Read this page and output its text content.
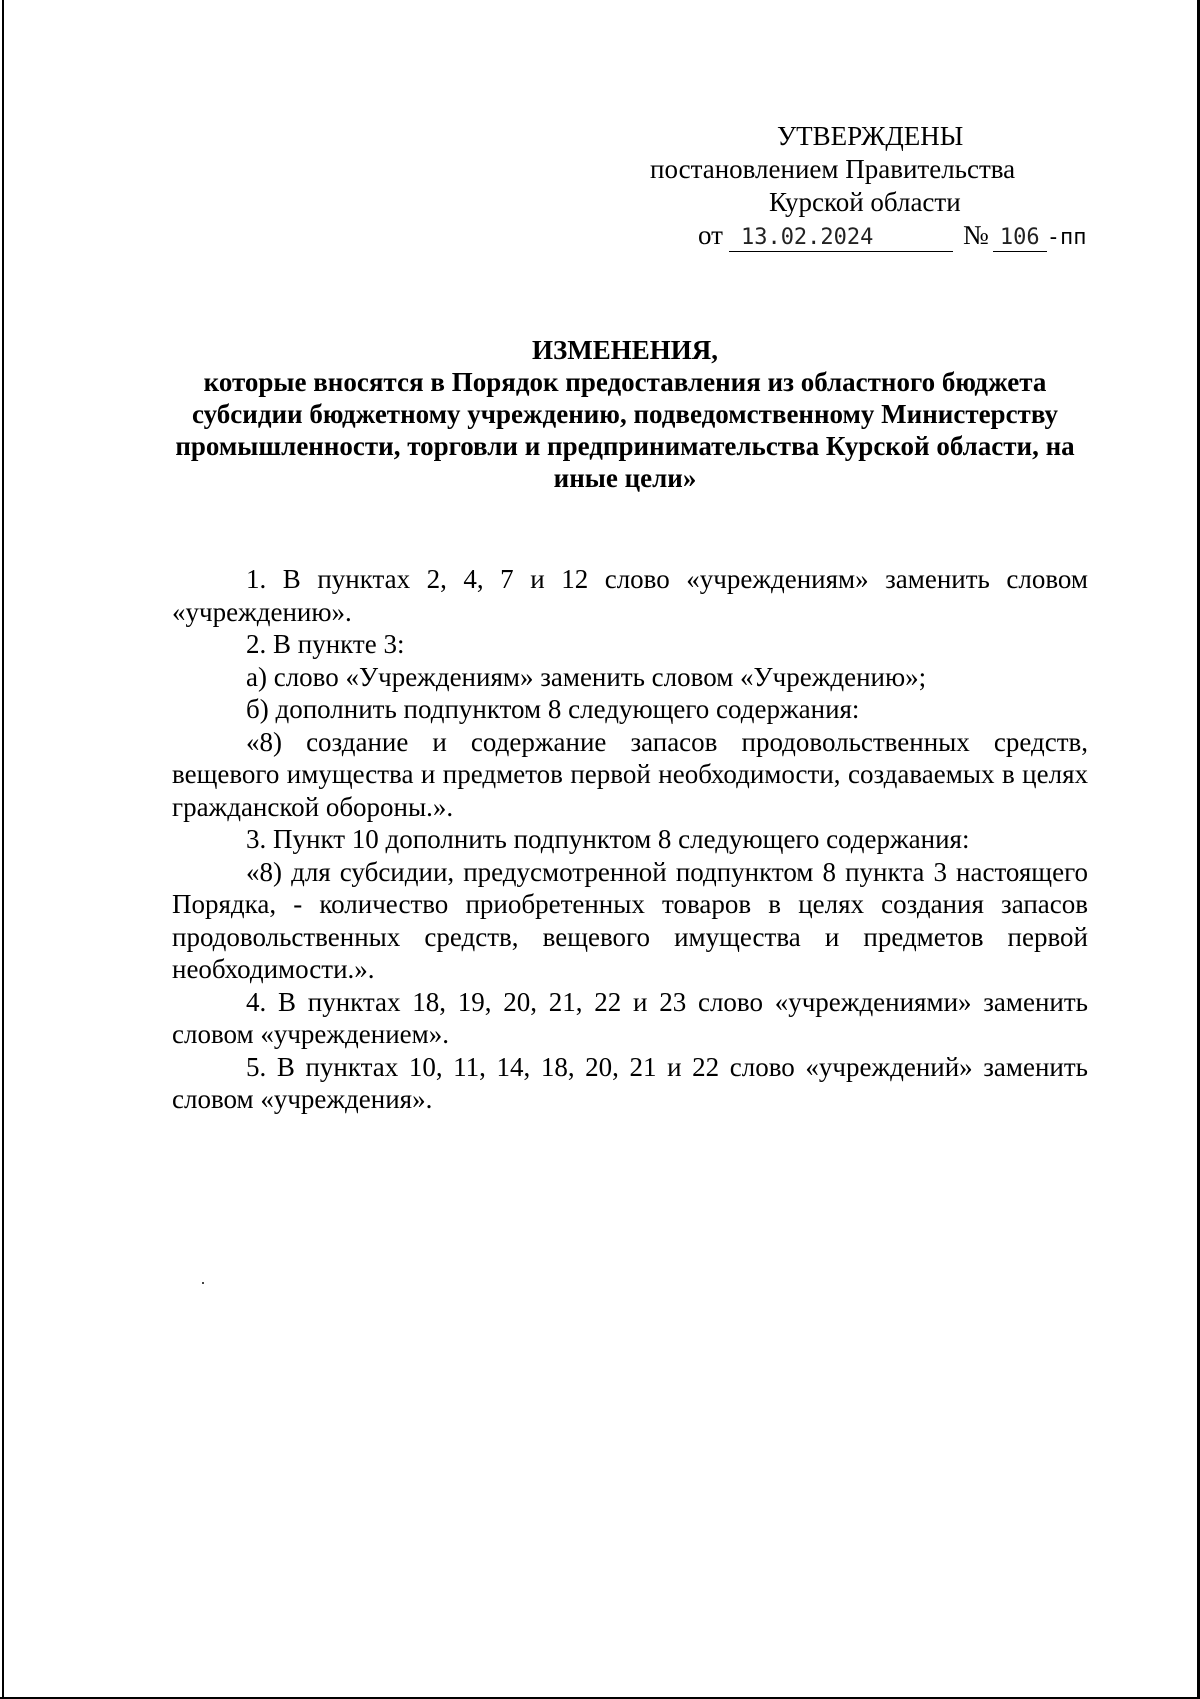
УТВЕРЖДЕНЫ
постановлением Правительства
Курской области
от 13.02.2024	№ 106 -пп
ИЗМЕНЕНИЯ,
которые вносятся в Порядок предоставления из областного бюджета субсидии бюджетному учреждению, подведомственному Министерству промышленности, торговли и предпринимательства Курской области, на иные цели»

1. В пунктах 2, 4, 7 и 12 слово «учреждениям» заменить словом «учреждению».

2. В пункте 3:

а) слово «Учреждениям» заменить словом «Учреждению»;

б) дополнить подпунктом 8 следующего содержания:

«8) создание и содержание запасов продовольственных средств, вещевого имущества и предметов первой необходимости, создаваемых в целях гражданской обороны.».

3. Пункт 10 дополнить подпунктом 8 следующего содержания:

«8) для субсидии, предусмотренной подпунктом 8 пункта 3 настоящего Порядка, - количество приобретенных товаров в целях создания запасов продовольственных средств, вещевого имущества и предметов первой необходимости.».

4. В пунктах 18, 19, 20, 21, 22 и 23 слово «учреждениями» заменить словом «учреждением».

5. В пунктах 10, 11, 14, 18, 20, 21 и 22 слово «учреждений» заменить словом «учреждения».
